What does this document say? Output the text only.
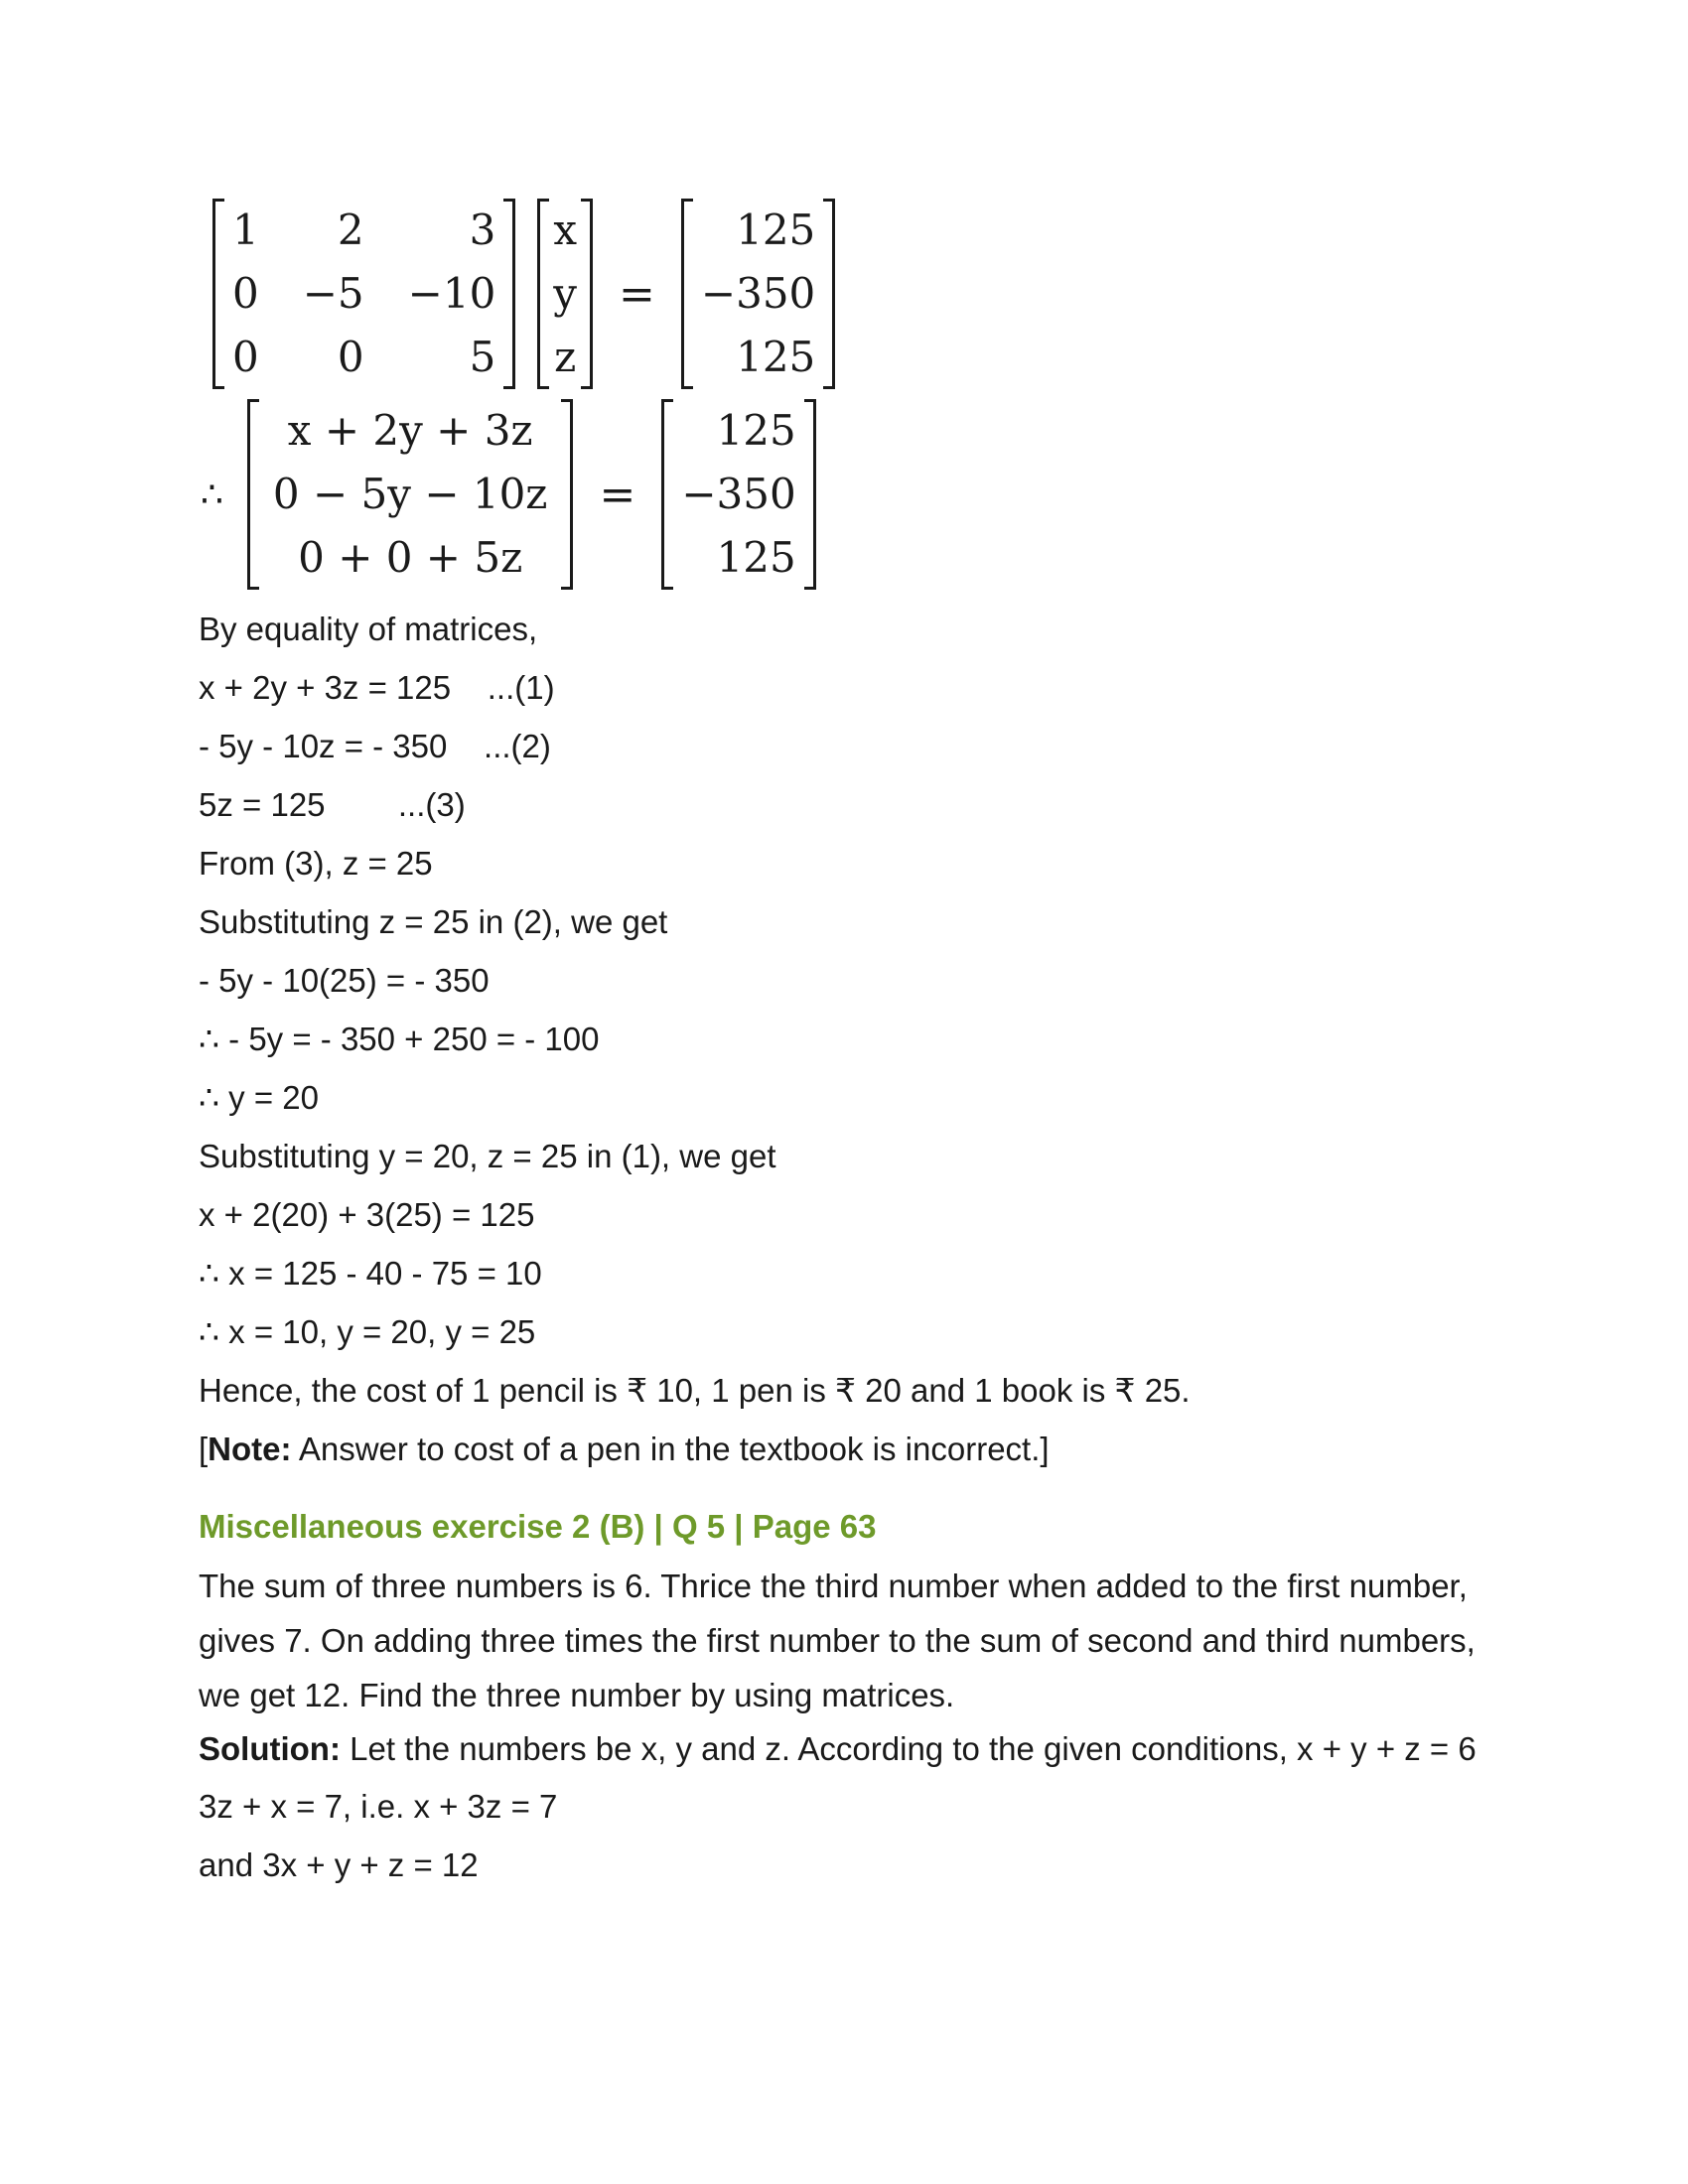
1	2	3
0 −5 −10
0	0	5
x
y
z
=
125
−350
125
∴
x + 2y + 3z
0 − 5y − 10z
0 + 0 + 5z
=
125
−350
125

By equality of matrices,

x + 2y + 3z = 125    ...(1)

- 5y - 10z = - 350    ...(2)

5z = 125        ...(3)

From (3), z = 25

Substituting z = 25 in (2), we get

- 5y - 10(25) = - 350

∴ - 5y = - 350 + 250 = - 100

∴ y = 20

Substituting y = 20, z = 25 in (1), we get

x + 2(20) + 3(25) = 125

∴ x = 125 - 40 - 75 = 10

∴ x = 10, y = 20, y = 25

Hence, the cost of 1 pencil is ₹ 10, 1 pen is ₹ 20 and 1 book is ₹ 25.

[Note: Answer to cost of a pen in the textbook is incorrect.]

Miscellaneous exercise 2 (B) | Q 5 | Page 63

The sum of three numbers is 6. Thrice the third number when added to the first number, gives 7. On adding three times the first number to the sum of second and third numbers, we get 12. Find the three number by using matrices.

Solution: Let the numbers be x, y and z. According to the given conditions, x + y + z = 6

3z + x = 7, i.e. x + 3z = 7

and 3x + y + z = 12
